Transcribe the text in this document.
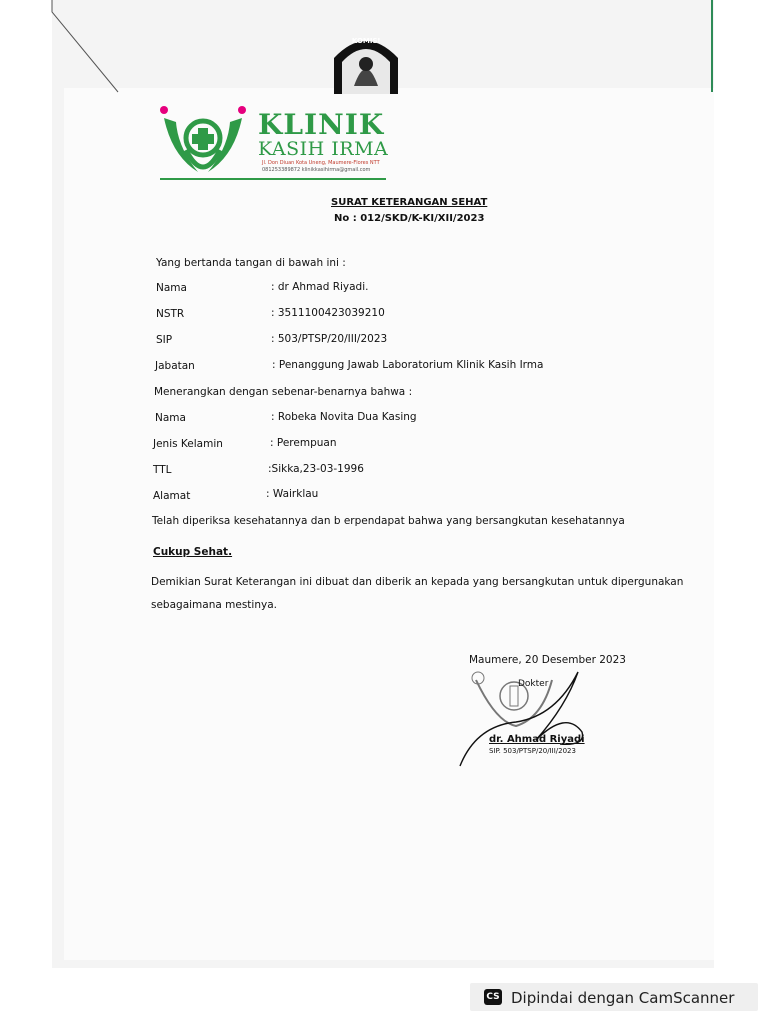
KOMISI
KLINIK
KASIH IRMA
Jl. Don Diuan Kota Uneng, Maumere-Flores NTT
081253389872 klinikkasihirma@gmail.com
SURAT KETERANGAN SEHAT
No : 012/SKD/K-KI/XII/2023
Yang bertanda tangan di bawah ini :
Nama	: dr Ahmad Riyadi.
NSTR	: 3511100423039210
SIP	: 503/PTSP/20/III/2023
Jabatan	: Penanggung Jawab Laboratorium Klinik Kasih Irma
Menerangkan dengan sebenar-benarnya bahwa :
Nama	: Robeka Novita Dua Kasing
Jenis Kelamin	: Perempuan
TTL	:Sikka,23-03-1996
Alamat	: Wairklau
Telah diperiksa kesehatannya dan b erpendapat bahwa yang bersangkutan kesehatannya
Cukup Sehat.
Demikian Surat Keterangan ini dibuat dan diberik an kepada yang bersangkutan untuk dipergunakan
sebagaimana mestinya.
Maumere, 20 Desember 2023
Dokter
dr. Ahmad Riyadi
SIP. 503/PTSP/20/III/2023
CS Dipindai dengan CamScanner
